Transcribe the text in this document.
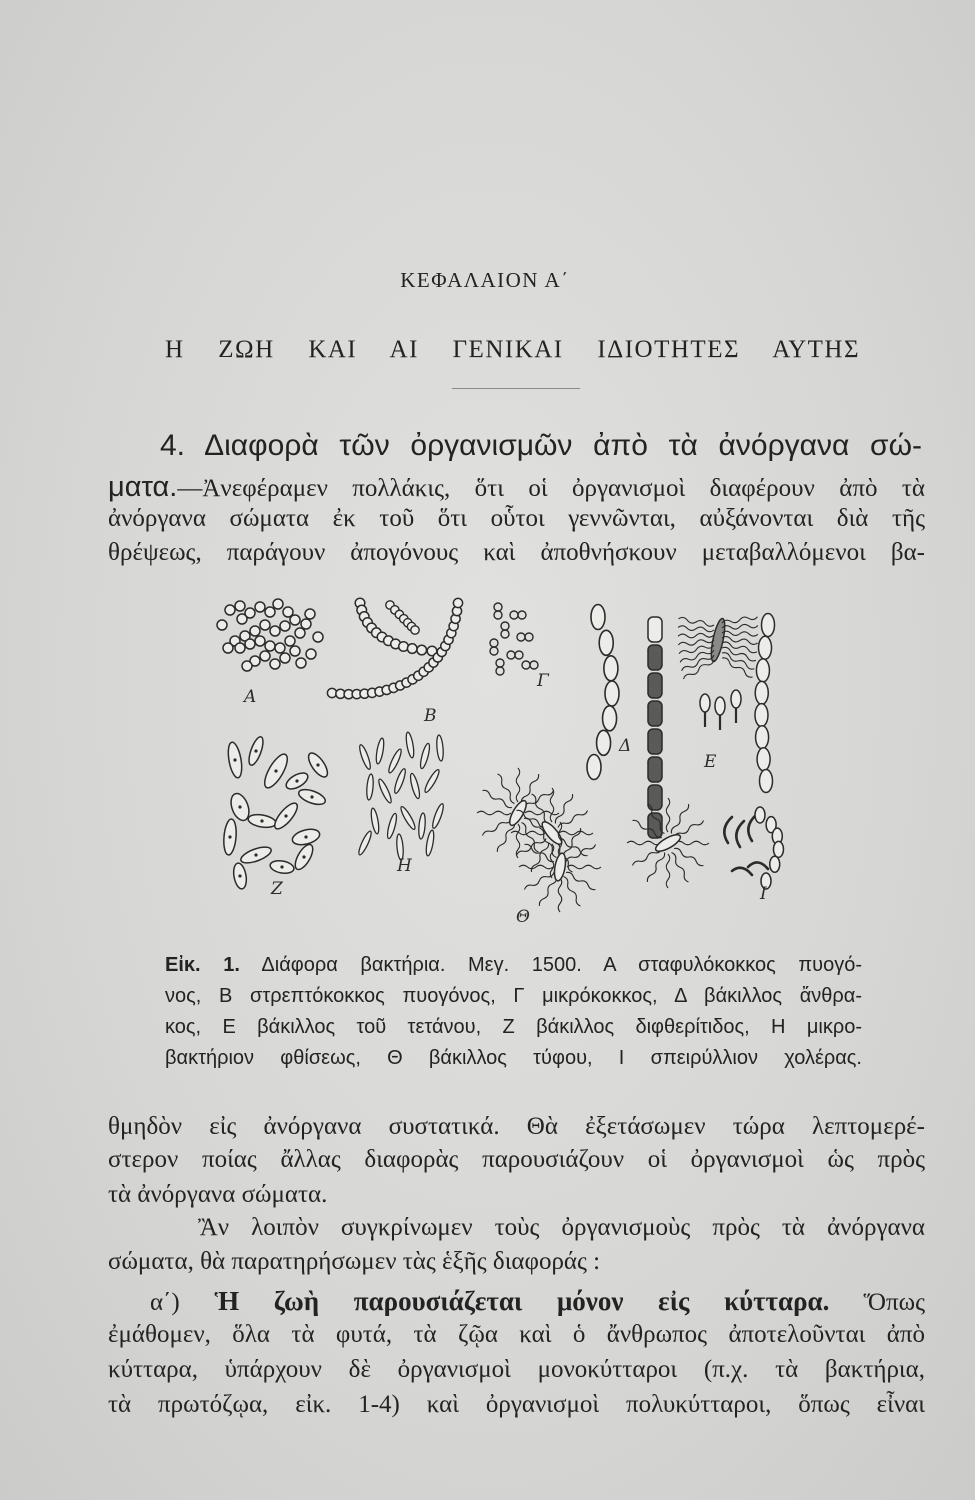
ΚΕΦΑΛΑΙΟΝ Α΄
Η ΖΩΗ ΚΑΙ ΑΙ ΓΕΝΙΚΑΙ ΙΔΙΟΤΗΤΕΣ ΑΥΤΗΣ
4. Διαφορὰ τῶν ὀργανισμῶν ἀπὸ τὰ ἀνόργανα σώ-
ματα.—Ἀνεφέραμεν πολλάκις, ὅτι οἱ ὀργανισμοὶ διαφέρουν ἀπὸ τὰ
ἀνόργανα σώματα ἐκ τοῦ ὅτι οὗτοι γεννῶνται, αὐξάνονται διὰ τῆς
θρέψεως, παράγουν ἀπογόνους καὶ ἀποθνήσκουν μεταβαλλόμενοι βα-
Α
Β
Γ
Δ
Ε
Ζ
Η
Θ
Ι
Εἰκ. 1. Διάφορα βακτήρια. Μεγ. 1500. Α σταφυλόκοκκος πυογό-
νος, Β στρεπτόκοκκος πυογόνος, Γ μικρόκοκκος, Δ βάκιλλος ἄνθρα-
κος, Ε βάκιλλος τοῦ τετάνου, Ζ βάκιλλος διφθερίτιδος, Η μικρο-
βακτήριον φθίσεως, Θ βάκιλλος τύφου, Ι σπειρύλλιον χολέρας.
θμηδὸν εἰς ἀνόργανα συστατικά. Θὰ ἐξετάσωμεν τώρα λεπτομερέ-
στερον ποίας ἄλλας διαφορὰς παρουσιάζουν οἱ ὀργανισμοὶ ὡς πρὸς
τὰ ἀνόργανα σώματα.
Ἂν λοιπὸν συγκρίνωμεν τοὺς ὀργανισμοὺς πρὸς τὰ ἀνόργανα
σώματα, θὰ παρατηρήσωμεν τὰς ἑξῆς διαφοράς :
α΄) Ἡ ζωὴ παρουσιάζεται μόνον εἰς κύτταρα. Ὅπως
ἐμάθομεν, ὅλα τὰ φυτά, τὰ ζῷα καὶ ὁ ἄνθρωπος ἀποτελοῦνται ἀπὸ
κύτταρα, ὑπάρχουν δὲ ὀργανισμοὶ μονοκύτταροι (π.χ. τὰ βακτήρια,
τὰ πρωτόζῳα, εἰκ. 1-4) καὶ ὀργανισμοὶ πολυκύτταροι, ὅπως εἶναι
